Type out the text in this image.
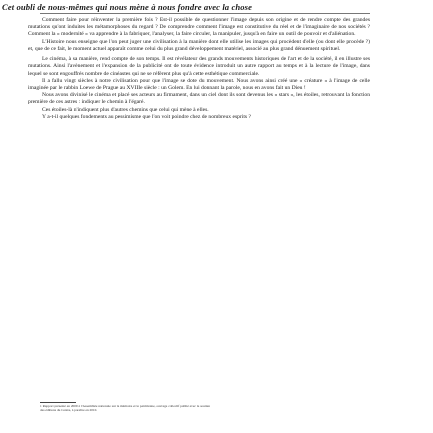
Cet oubli de nous-mêmes qui nous mène à nous fondre avec la chose

Comment faire pour réinventer la première fois ? Est-il possible de questionner l'image depuis son origine et de rendre compte des grandes mutations qu'ont induites les métamorphoses du regard ? De comprendre comment l'image est constitutive du réel et de l'imaginaire de nos sociétés ? Comment la « modernité » va apprendre à la fabriquer, l'analyser, la faire circuler, la manipuler, jusqu'à en faire un outil de pouvoir et d'aliénation.

L'Histoire nous enseigne que l'on peut juger une civilisation à la manière dont elle utilise les images qui procèdent d'elle (ou dont elle procède ?) et, que de ce fait, le moment actuel apparaît comme celui du plus grand développement matériel, associé au plus grand dénuement spirituel.

Le cinéma, à sa manière, rend compte de son temps. Il est révélateur des grands mouvements historiques de l'art et de la société, il en illustre ses mutations. Ainsi l'avènement et l'expansion de la publicité ont de toute évidence introduit un autre rapport au temps et à la lecture de l'image, dans lequel se sont engouffrés nombre de cinéastes qui ne se réfèrent plus qu'à cette esthétique commerciale.

Il a fallu vingt siècles à notre civilisation pour que l'image se dote du mouvement. Nous avons ainsi créé une « créature » à l'image de celle imaginée par le rabbin Loewe de Prague au XVIIIe siècle : un Golem. En lui donnant la parole, nous en avons fait un Dieu !

Nous avons divinisé le cinéma et placé ses acteurs au firmament, dans un ciel dont ils sont devenus les « stars », les étoiles, retrouvant la fonction première de ces astres : indiquer le chemin à l'égaré.

Ces étoiles-là n'indiquent plus d'autres chemins que celui qui mène à elles.

Y a-t-il quelques fondements au pessimisme que l'on voit poindre chez de nombreux esprits ?

1 Rapport présenté en 2009 à l'Assemblée nationale sur la mémoire et le patrimoine, ouvrage collectif publié avec le soutien des éditions du Centre, à paraître en 2010.
